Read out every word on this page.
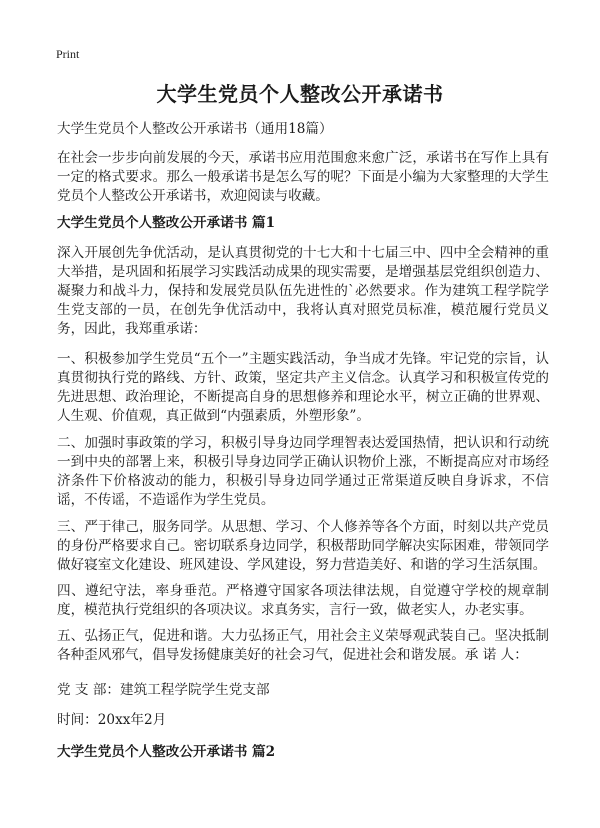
Print
大学生党员个人整改公开承诺书

大学生党员个人整改公开承诺书（通用18篇）

在社会一步步向前发展的今天，承诺书应用范围愈来愈广泛，承诺书在写作上具有一定的格式要求。那么一般承诺书是怎么写的呢？下面是小编为大家整理的大学生党员个人整改公开承诺书，欢迎阅读与收藏。

大学生党员个人整改公开承诺书 篇1

深入开展创先争优活动，是认真贯彻党的十七大和十七届三中、四中全会精神的重大举措，是巩固和拓展学习实践活动成果的现实需要，是增强基层党组织创造力、凝聚力和战斗力，保持和发展党员队伍先进性的`必然要求。作为建筑工程学院学生党支部的一员，在创先争优活动中，我将认真对照党员标准，模范履行党员义务，因此，我郑重承诺：

一、积极参加学生党员“五个一”主题实践活动，争当成才先锋。牢记党的宗旨，认真贯彻执行党的路线、方针、政策，坚定共产主义信念。认真学习和积极宣传党的先进思想、政治理论，不断提高自身的思想修养和理论水平，树立正确的世界观、人生观、价值观，真正做到“内强素质，外塑形象”。

二、加强时事政策的学习，积极引导身边同学理智表达爱国热情，把认识和行动统一到中央的部署上来，积极引导身边同学正确认识物价上涨，不断提高应对市场经济条件下价格波动的能力，积极引导身边同学通过正常渠道反映自身诉求，不信谣，不传谣，不造谣作为学生党员。

三、严于律己，服务同学。从思想、学习、个人修养等各个方面，时刻以共产党员的身份严格要求自己。密切联系身边同学，积极帮助同学解决实际困难，带领同学做好寝室文化建设、班风建设、学风建设，努力营造美好、和谐的学习生活氛围。

四、遵纪守法，率身垂范。严格遵守国家各项法律法规，自觉遵守学校的规章制度，模范执行党组织的各项决议。求真务实，言行一致，做老实人，办老实事。

五、弘扬正气，促进和谐。大力弘扬正气，用社会主义荣辱观武装自己。坚决抵制各种歪风邪气，倡导发扬健康美好的社会习气，促进社会和谐发展。承 诺 人：

党 支 部：建筑工程学院学生党支部

时间：20xx年2月

大学生党员个人整改公开承诺书 篇2
